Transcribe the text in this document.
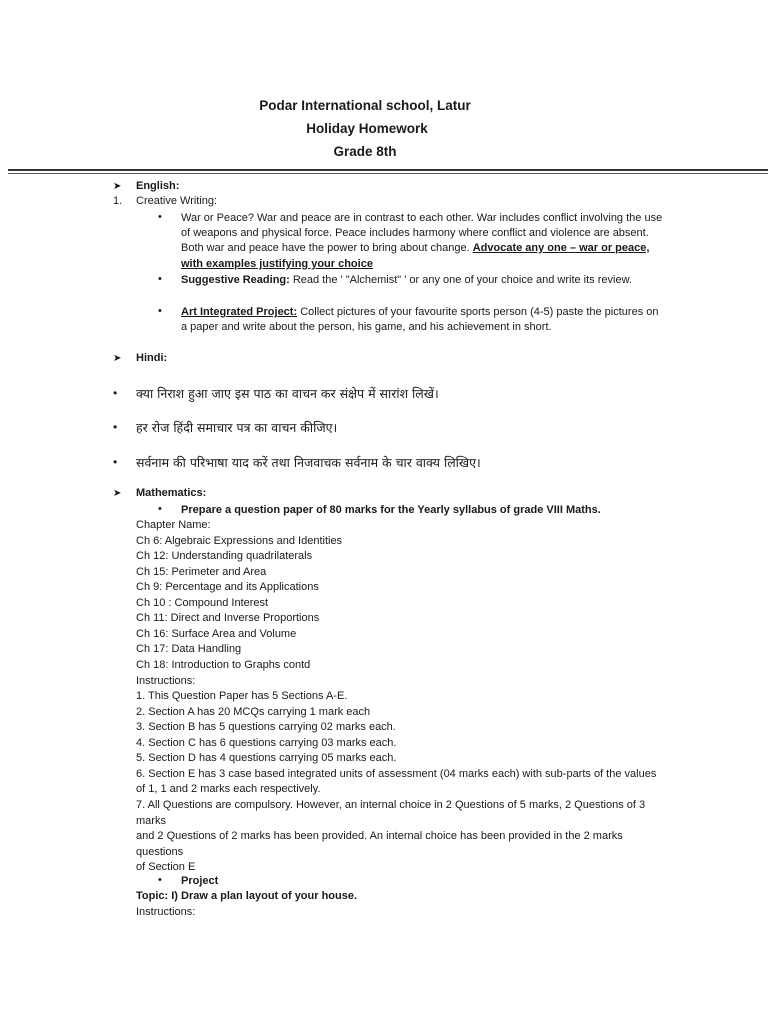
Podar International school, Latur
Holiday Homework
Grade 8th
➤ English:
1. Creative Writing:
• War or Peace? War and peace are in contrast to each other. War includes conflict involving the use
of weapons and physical force. Peace includes harmony where conflict and violence are absent.
Both war and peace have the power to bring about change. Advocate any one – war or peace,
with examples justifying your choice
• Suggestive Reading: Read the ' "Alchemist" ' or any one of your choice and write its review.
• Art Integrated Project: Collect pictures of your favourite sports person (4-5) paste the pictures on
a paper and write about the person, his game, and his achievement in short.
➤ Hindi:
• क्या निराश हुआ जाए इस पाठ का वाचन कर संक्षेप में सारांश लिखें।
• हर रोज हिंदी समाचार पत्र का वाचन कीजिए।
• सर्वनाम की परिभाषा याद करें तथा निजवाचक सर्वनाम के चार वाक्य लिखिए।
➤ Mathematics:
• Prepare a question paper of 80 marks for the Yearly syllabus of grade VIII Maths.
Chapter Name:
Ch 6: Algebraic Expressions and Identities
Ch 12: Understanding quadrilaterals
Ch 15: Perimeter and Area
Ch 9: Percentage and its Applications
Ch 10 : Compound Interest
Ch 11: Direct and Inverse Proportions
Ch 16: Surface Area and Volume
Ch 17: Data Handling
Ch 18: Introduction to Graphs contd
Instructions:
1. This Question Paper has 5 Sections A-E.
2. Section A has 20 MCQs carrying 1 mark each
3. Section B has 5 questions carrying 02 marks each.
4. Section C has 6 questions carrying 03 marks each.
5. Section D has 4 questions carrying 05 marks each.
6. Section E has 3 case based integrated units of assessment (04 marks each) with sub-parts of the values
of 1, 1 and 2 marks each respectively.
7. All Questions are compulsory. However, an internal choice in 2 Questions of 5 marks, 2 Questions of 3
marks
and 2 Questions of 2 marks has been provided. An internal choice has been provided in the 2 marks
questions
of Section E
• Project
Topic: I) Draw a plan layout of your house.
Instructions:
